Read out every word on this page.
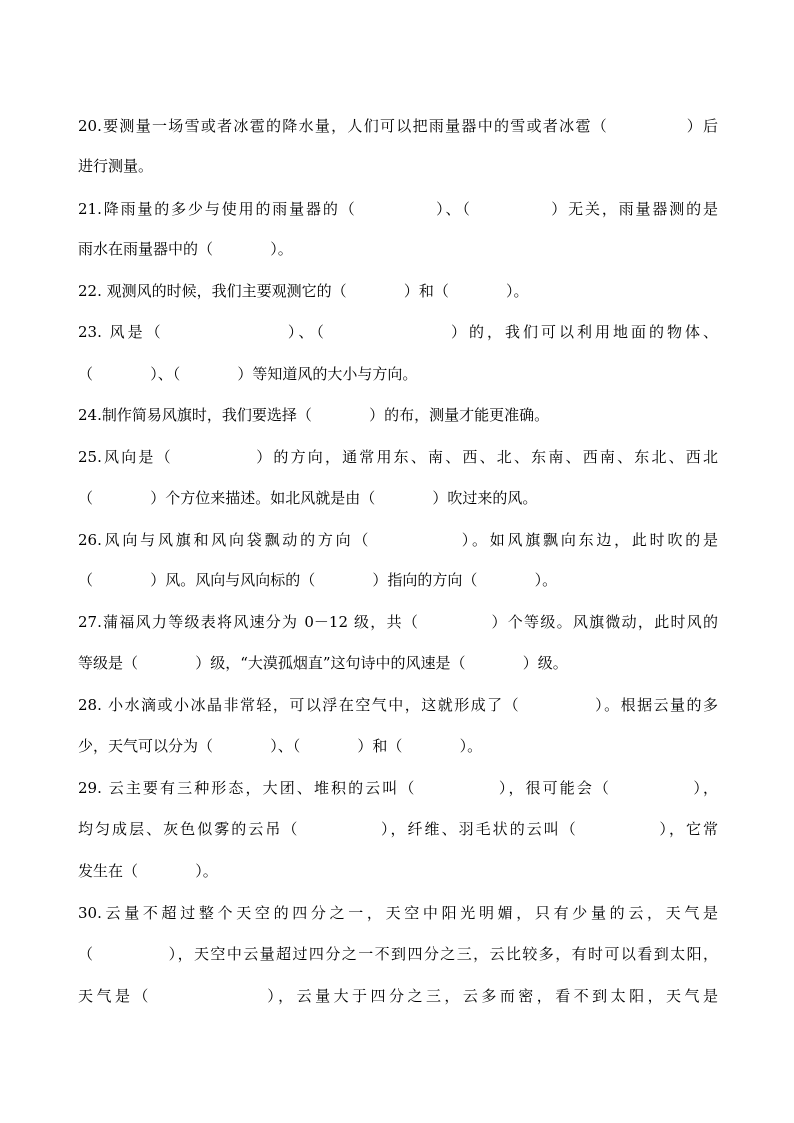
20.要测量一场雪或者冰雹的降水量，人们可以把雨量器中的雪或者冰雹（             ）后
进行测量。
21.降雨量的多少与使用的雨量器的（            ）、（            ）无关，雨量器测的是
雨水在雨量器中的（            ）。
22. 观测风的时候，我们主要观测它的（            ）和（            ）。
23. 风是（                ）、（                ）的，我们可以利用地面的物体、
（            ）、（            ）等知道风的大小与方向。
24.制作简易风旗时，我们要选择（            ）的布，测量才能更准确。
25.风向是（            ）的方向，通常用东、南、西、北、东南、西南、东北、西北
（            ）个方位来描述。如北风就是由（            ）吹过来的风。
26.风向与风旗和风向袋飘动的方向（            ）。如风旗飘向东边，此时吹的是
（            ）风。风向与风向标的（            ）指向的方向（            ）。
27.蒲福风力等级表将风速分为 0－12 级，共（            ）个等级。风旗微动，此时风的
等级是（            ）级，“大漠孤烟直”这句诗中的风速是（            ）级。
28. 小水滴或小冰晶非常轻，可以浮在空气中，这就形成了（            ）。根据云量的多
少，天气可以分为（            ）、（            ）和（            ）。
29. 云主要有三种形态，大团、堆积的云叫（            ），很可能会（            ），
均匀成层、灰色似雾的云吊（            ），纤维、羽毛状的云叫（            ），它常
发生在（            ）。
30.云量不超过整个天空的四分之一，天空中阳光明媚，只有少量的云，天气是
（            ），天空中云量超过四分之一不到四分之三，云比较多，有时可以看到太阳，
天气是（              ），云量大于四分之三，云多而密，看不到太阳，天气是
